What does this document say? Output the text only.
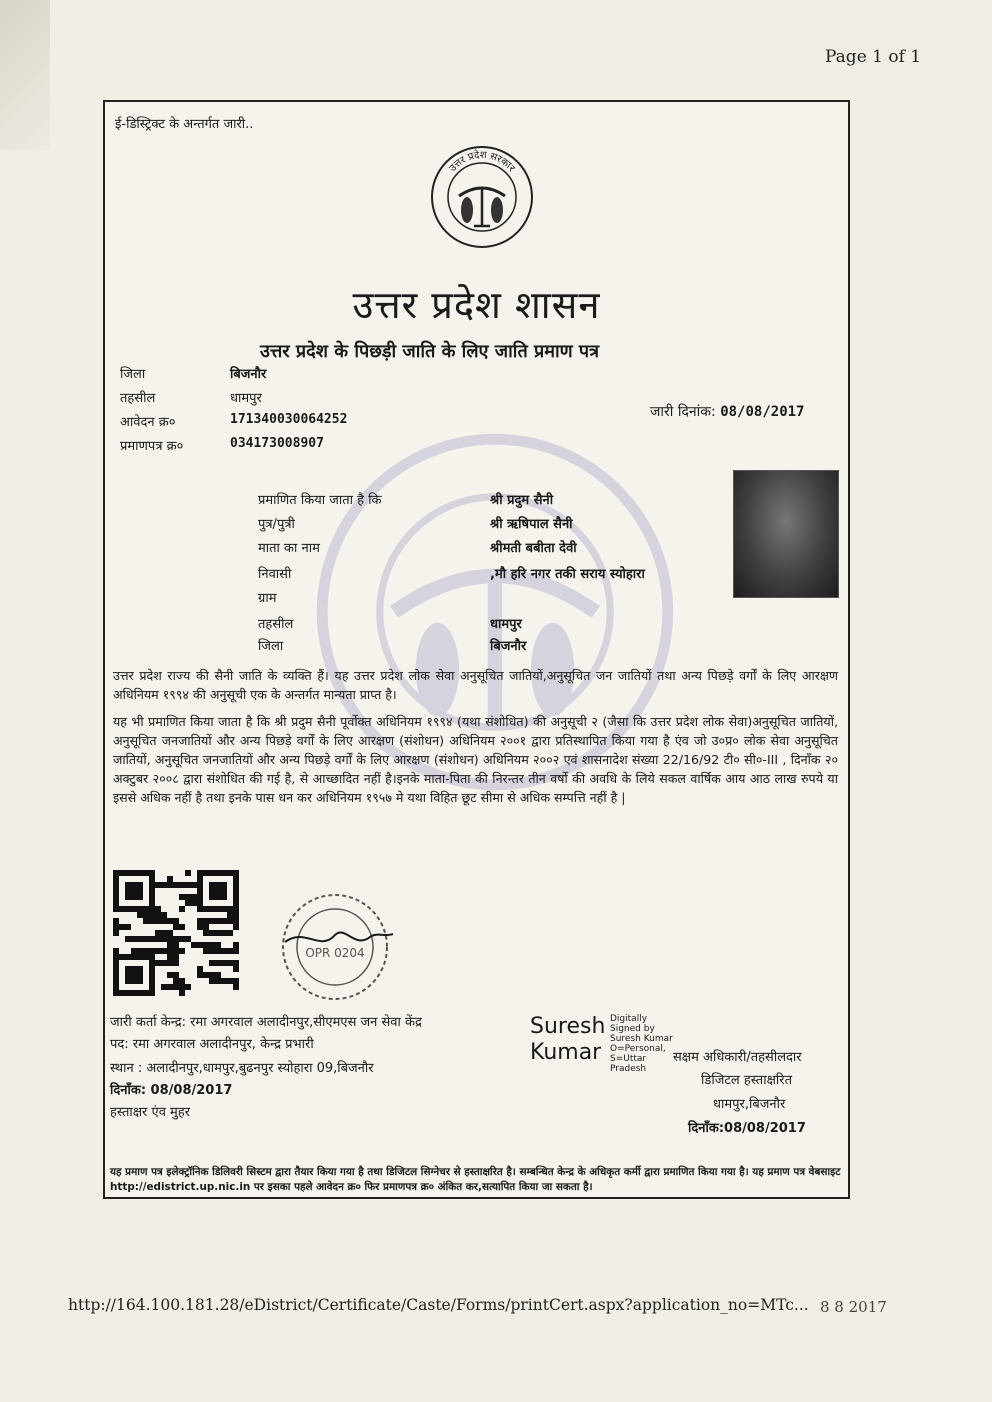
Page 1 of 1
ई-डिस्ट्रिक्ट के अन्तर्गत जारी..
उत्तर प्रदेश सरकार
उत्तर प्रदेश शासन
उत्तर प्रदेश के पिछड़ी जाति के लिए जाति प्रमाण पत्र
जिला	बिजनौर
तहसील	धामपुर
आवेदन क्र०	171340030064252
प्रमाणपत्र क्र०	034173008907
जारी दिनांक: 08/08/2017
प्रमाणित किया जाता है कि	श्री प्रदुम सैनी
पुत्र/पुत्री	श्री ऋषिपाल सैनी
माता का नाम	श्रीमती बबीता देवी
निवासी	,मौ हरि नगर तकी सराय स्योहारा
ग्राम
तहसील	धामपुर
जिला	बिजनौर
उत्तर प्रदेश राज्य की सैनी जाति के व्यक्ति हैं। यह उत्तर प्रदेश लोक सेवा अनुसूचित जातियों,अनुसूचित जन जातियों तथा अन्य पिछड़े वर्गों के लिए आरक्षण अधिनियम १९९४ की अनुसूची एक के अन्तर्गत मान्यता प्राप्त है।
यह भी प्रमाणित किया जाता है कि श्री प्रदुम सैनी पूर्वोक्त अधिनियम १९९४ (यथा संशोधित) की अनुसूची २ (जैसा कि उत्तर प्रदेश लोक सेवा)अनुसूचित जातियों, अनुसूचित जनजातियों और अन्य पिछड़े वर्गों के लिए आरक्षण (संशोधन) अधिनियम २००१ द्वारा प्रतिस्थापित किया गया है एंव जो उ०प्र० लोक सेवा अनुसूचित जातियों, अनुसूचित जनजातियों और अन्य पिछड़े वर्गों के लिए आरक्षण (संशोधन) अधिनियम २००२ एवं शासनादेश संख्या 22/16/92 टी० सी०-III , दिनाँक २० अक्टुबर २००८ द्वारा संशोधित की गई है, से आच्छादित नहीं है।इनके माता-पिता की निरन्तर तीन वर्षो की अवधि के लिये सकल वार्षिक आय आठ लाख रुपये या इससे अधिक नहीं है तथा इनके पास धन कर अधिनियम १९५७ मे यथा विहित छूट सीमा से अधिक सम्पत्ति नहीं है |
OPR 0204
जारी कर्ता केन्द्र: रमा अगरवाल अलादीनपुर,सीएमएस जन सेवा केंद्र
पद: रमा अगरवाल अलादीनपुर, केन्द्र प्रभारी
स्थान : अलादीनपुर,धामपुर,बुढनपुर स्योहारा 09,बिजनौर
दिनाँक: 08/08/2017
हस्ताक्षर एंव मुहर
Suresh
Kumar
Digitally
Signed by
Suresh Kumar
O=Personal,
S=Uttar
Pradesh
सक्षम अधिकारी/तहसीलदार
डिजिटल हस्ताक्षरित
धामपुर,बिजनौर
दिनाँक:08/08/2017
यह प्रमाण पत्र इलेक्ट्रॉनिक डिलिवरी सिस्टम द्वारा तैयार किया गया है तथा डिजिटल सिग्नेचर से हस्ताक्षरित है। सम्बन्धित केन्द्र के अधिकृत कर्मी द्वारा प्रमाणित किया गया है। यह प्रमाण पत्र वेबसाइट http://edistrict.up.nic.in पर इसका पहले आवेदन क्र० फिर प्रमाणपत्र क्र० अंकित कर,सत्यापित किया जा सकता है।
http://164.100.181.28/eDistrict/Certificate/Caste/Forms/printCert.aspx?application_no=MTc... 8 8 2017
